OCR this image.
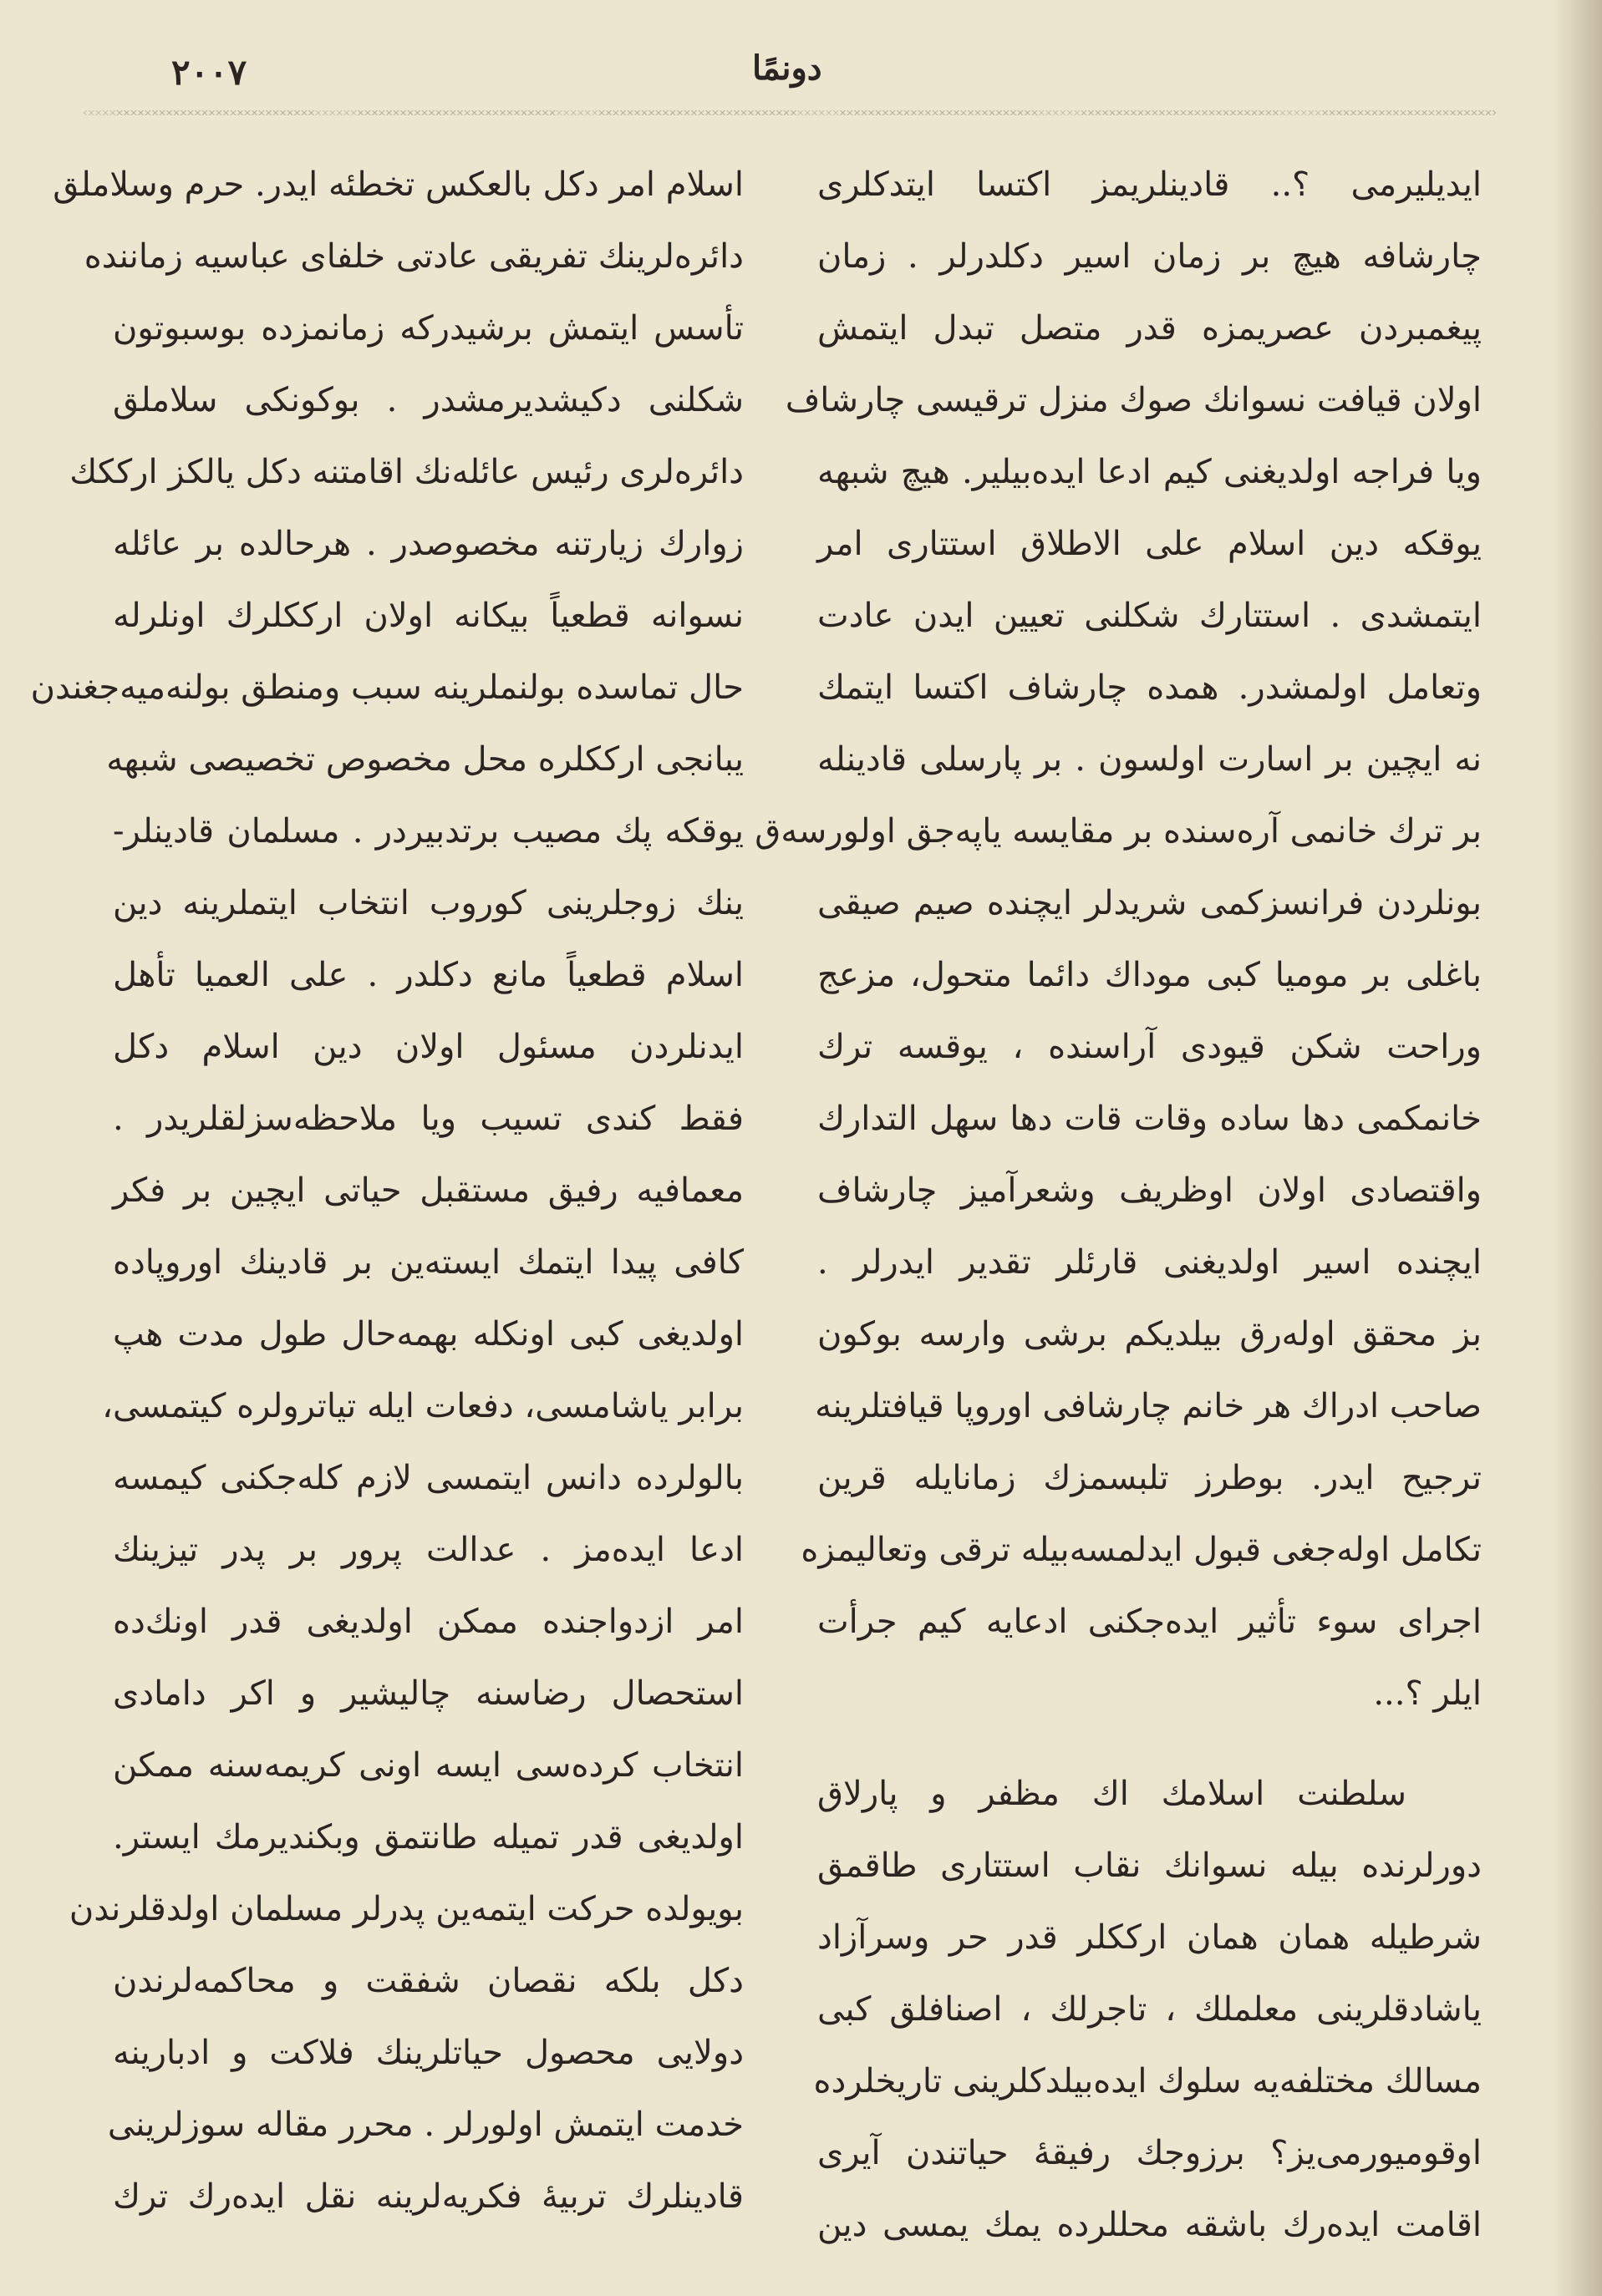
٢٠٠٧	دونمًا
ایدیلیرمی ؟.. قادینلریمز اکتسا ایتدکلری
چارشافه هیچ بر زمان اسیر دکلدرلر . زمان
پیغمبردن عصریمزه قدر متصل تبدل ایتمش
اولان قیافت نسوانك صوك منزل ترقیسی چارشاف
ویا فراجه اولدیغنی کیم ادعا ایده‌بیلیر. هیچ شبهه
یوقکه دین اسلام على الاطلاق استتاری امر
ایتمشدی . استتارك شکلنی تعیین ایدن عادت
وتعامل اولمشدر. همده چارشاف اکتسا ایتمك
نه ایچین بر اسارت اولسون . بر پارسلی قادینله
بر ترك خانمی آره‌سنده بر مقایسه یاپه‌جق اولورسه‌ق
بونلردن فرانسزکمی شریدلر ایچنده صیم صیقی
باغلی بر مومیا کبی موداك دائما متحول، مزعج
وراحت شکن قیودی آراسنده ، یوقسه ترك
خانمكمی دها ساده وقات قات دها سهل التدارك
واقتصادی اولان اوظریف وشعرآمیز چارشاف
ایچنده اسیر اولدیغنی قارئلر تقدیر ایدرلر .
بز محقق اوله‌رق بیلدیکم برشی وارسه بوکون
صاحب ادراك هر خانم چارشافی اوروپا قیافتلرینه
ترجیح ایدر. بوطرز تلبسمزك زمانایله قرین
تکامل اوله‌جغی قبول ایدلمسه‌بیله ترقی وتعالیمزه
اجرای سوء تأثیر ایده‌جکنی ادعایه کیم جرأت
ایلر ؟...
سلطنت اسلامك اك مظفر و پارلاق
دورلرنده بیله نسوانك نقاب استتاری طاقمق
شرطیله همان همان ارككلر قدر حر وسرآزاد
یاشادقلرینی معلملك ، تاجرلك ، اصنافلق کبی
مسالك مختلفه‌یه سلوك ایده‌بیلدکلرینی تاریخلرده
اوقومیورمی‌یز؟ برزوجك رفیقهٔ حیاتندن آیری
اقامت ایده‌رك باشقه محللرده یمك یمسی دین
اسلام امر دکل بالعکس تخطئه ایدر. حرم وسلاملق
دائره‌لرینك تفریقی عادتی خلفای عباسیه زماننده
تأسس ایتمش برشیدرکه زمانمزده بوسبوتون
شکلنی دکیشدیرمشدر . بوکونکی سلاملق
دائره‌لری رئیس عائله‌نك اقامتنه دکل یالکز ارككك
زوارك زیارتنه مخصوصدر . هرحالده بر عائله
نسوانه قطعیاً بیکانه اولان ارككلرك اونلرله
حال تماسده بولنملرینه سبب ومنطق بولنه‌میه‌جغندن
یبانجی ارككلره محل مخصوص تخصیصی شبهه
یوقکه پك مصیب برتدبیردر . مسلمان قادینلر-
ینك زوجلرینی کوروب انتخاب ایتملرینه دین
اسلام قطعیاً مانع دکلدر . على العمیا تأهل
ایدنلردن مسئول اولان دین اسلام دکل
فقط کندی تسیب ویا ملاحظه‌سزلقلریدر .
معمافیه رفیق مستقبل حیاتی ایچین بر فکر
کافی پیدا ایتمك ایسته‌ین بر قادینك اوروپاده
اولدیغی کبی اونکله بهمه‌حال طول مدت هپ
برابر یاشامسی، دفعات ایله تیاترولره کیتمسی،
بالولرده دانس ایتمسی لازم کله‌جکنی کیمسه
ادعا ایده‌مز . عدالت پرور بر پدر تیزینك
امر ازدواجنده ممکن اولدیغی قدر اونك‌ده
استحصال رضاسنه چالیشیر و اکر دامادی
انتخاب کرده‌سی ایسه اونی کریمه‌سنه ممکن
اولدیغی قدر تمیله طانتمق وبکندیرمك ایستر.
بویولده حرکت ایتمه‌ین پدرلر مسلمان اولدقلرندن
دکل بلکه نقصان شفقت و محاکمه‌لرندن
دولایی محصول حیاتلرینك فلاکت و ادبارینه
خدمت ایتمش اولورلر . محرر مقاله سوزلرینی
قادینلرك تربیهٔ فکریه‌لرینه نقل ایده‌رك ترك
